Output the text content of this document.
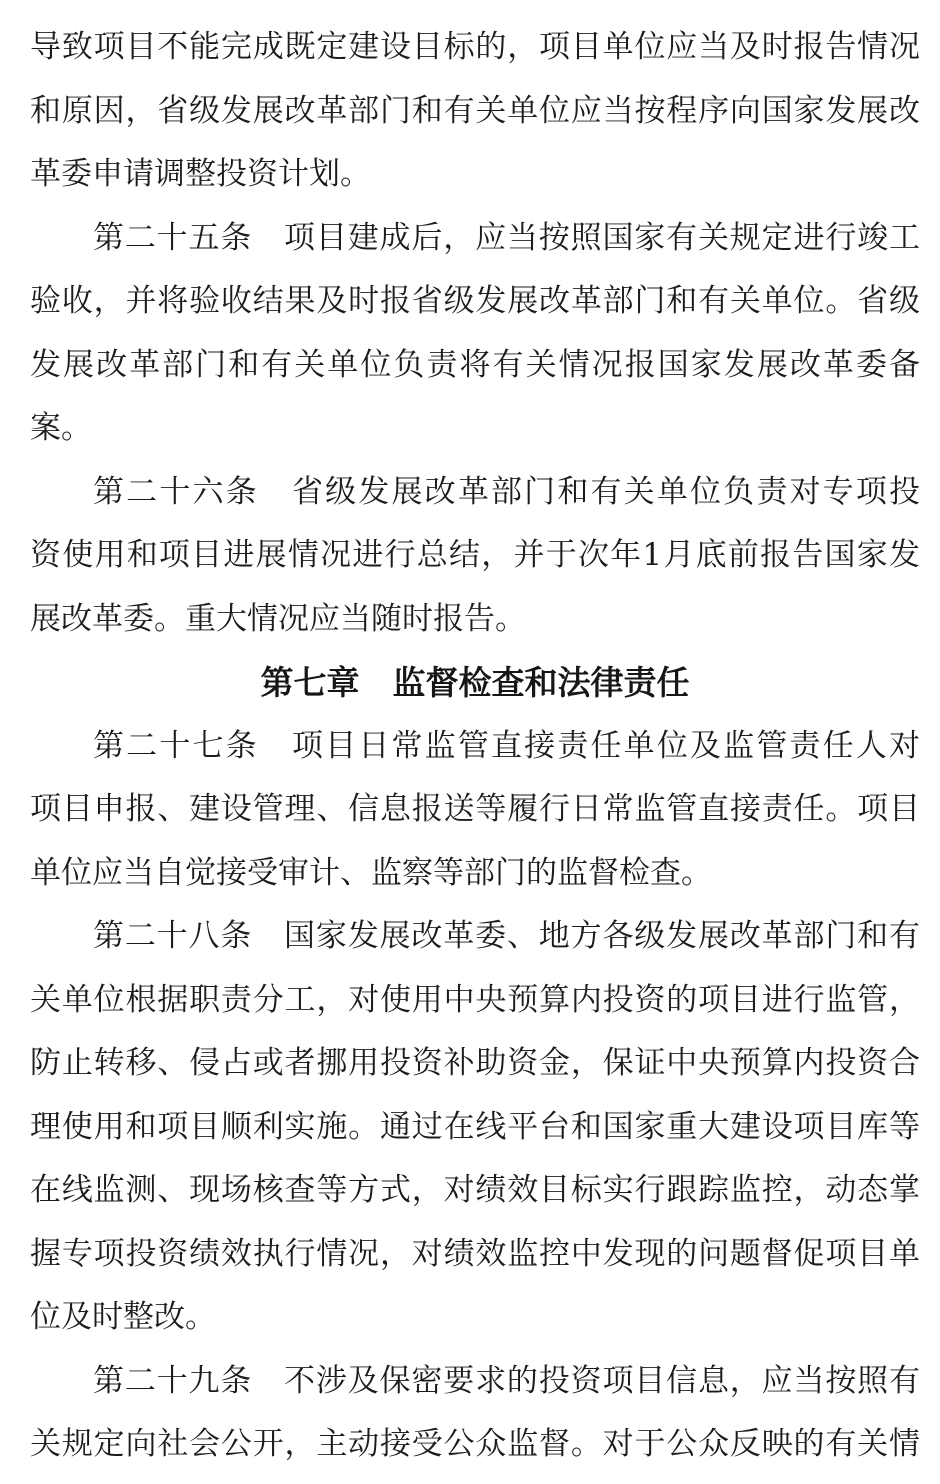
导致项目不能完成既定建设目标的，项目单位应当及时报告情况
和原因，省级发展改革部门和有关单位应当按程序向国家发展改
革委申请调整投资计划。
第二十五条　项目建成后，应当按照国家有关规定进行竣工
验收，并将验收结果及时报省级发展改革部门和有关单位。省级
发展改革部门和有关单位负责将有关情况报国家发展改革委备
案。
第二十六条　省级发展改革部门和有关单位负责对专项投
资使用和项目进展情况进行总结，并于次年1月底前报告国家发
展改革委。重大情况应当随时报告。
第七章　监督检查和法律责任
第二十七条　项目日常监管直接责任单位及监管责任人对
项目申报、建设管理、信息报送等履行日常监管直接责任。项目
单位应当自觉接受审计、监察等部门的监督检查。
第二十八条　国家发展改革委、地方各级发展改革部门和有
关单位根据职责分工，对使用中央预算内投资的项目进行监管，
防止转移、侵占或者挪用投资补助资金，保证中央预算内投资合
理使用和项目顺利实施。通过在线平台和国家重大建设项目库等
在线监测、现场核查等方式，对绩效目标实行跟踪监控，动态掌
握专项投资绩效执行情况，对绩效监控中发现的问题督促项目单
位及时整改。
第二十九条　不涉及保密要求的投资项目信息，应当按照有
关规定向社会公开，主动接受公众监督。对于公众反映的有关情
